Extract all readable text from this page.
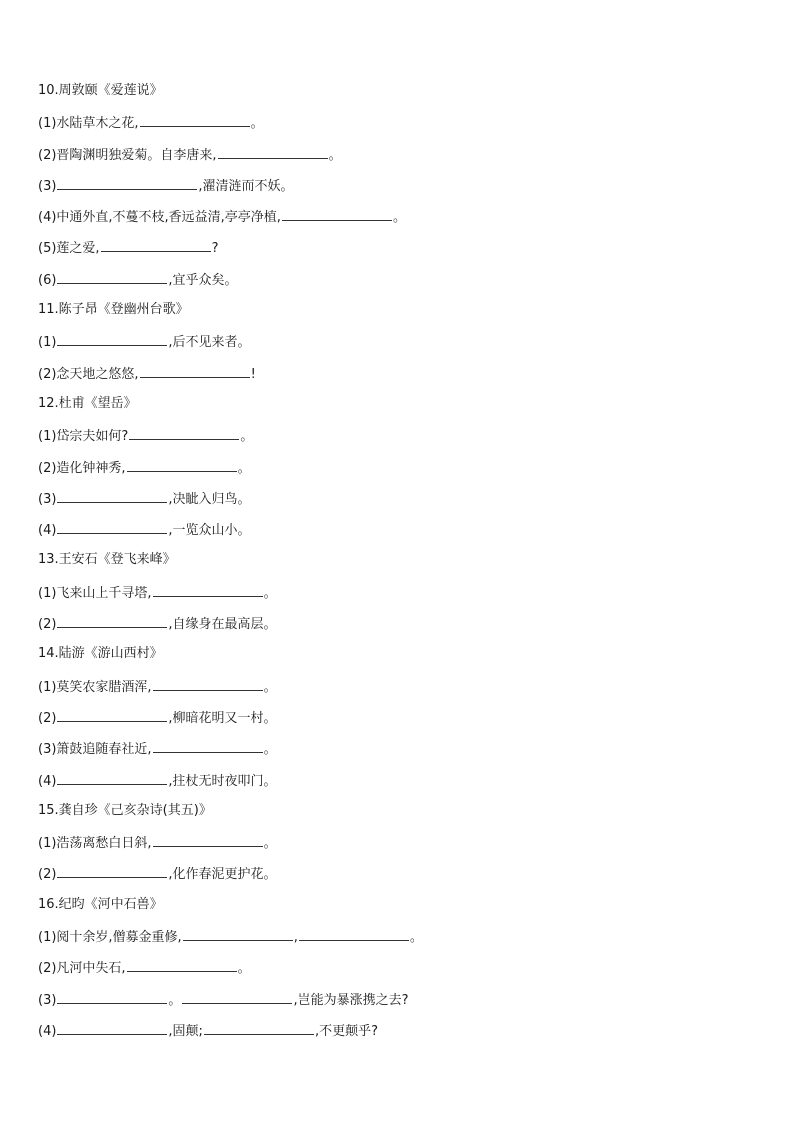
10.周敦颐《爱莲说》
(1)水陆草木之花,	。
(2)晋陶渊明独爱菊。自李唐来,	。
(3)	,濯清涟而不妖。
(4)中通外直,不蔓不枝,香远益清,亭亭净植,	。
(5)莲之爱,	?
(6)	,宜乎众矣。
11.陈子昂《登幽州台歌》
(1)	,后不见来者。
(2)念天地之悠悠,	!
12.杜甫《望岳》
(1)岱宗夫如何?	。
(2)造化钟神秀,	。
(3)	,决眦入归鸟。
(4)	,一览众山小。
13.王安石《登飞来峰》
(1)飞来山上千寻塔,	。
(2)	,自缘身在最高层。
14.陆游《游山西村》
(1)莫笑农家腊酒浑,	。
(2)	,柳暗花明又一村。
(3)箫鼓追随春社近,	。
(4)	,拄杖无时夜叩门。
15.龚自珍《己亥杂诗(其五)》
(1)浩荡离愁白日斜,	。
(2)	,化作春泥更护花。
16.纪昀《河中石兽》
(1)阅十余岁,僧募金重修,	,	。
(2)凡河中失石,	。
(3)	。	,岂能为暴涨携之去?
(4)	,固颠;	,不更颠乎?
